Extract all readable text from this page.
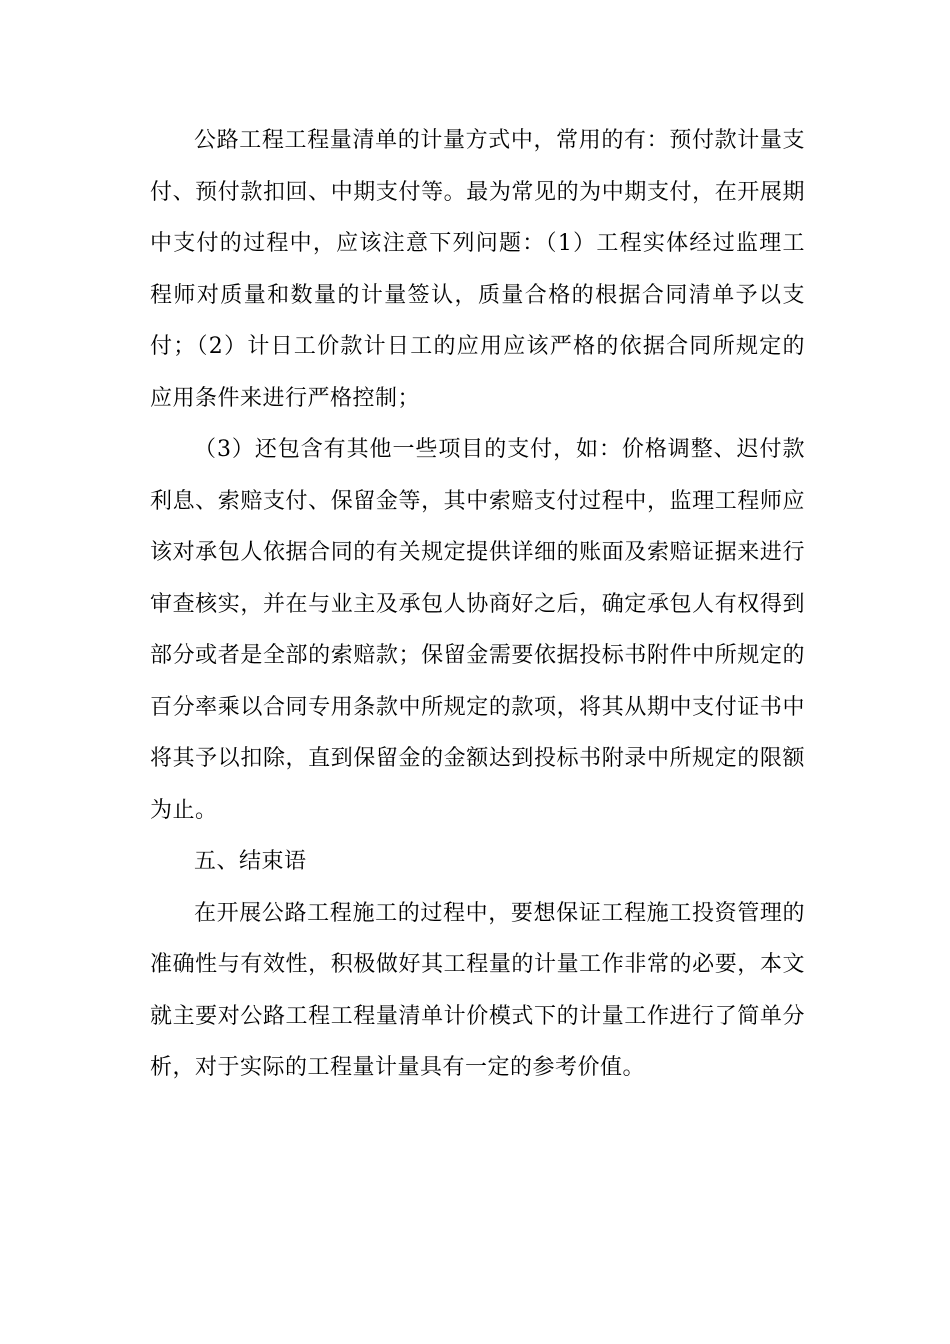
公路工程工程量清单的计量方式中，常用的有：预付款计量支付、预付款扣回、中期支付等。最为常见的为中期支付，在开展期中支付的过程中，应该注意下列问题：（1）工程实体经过监理工程师对质量和数量的计量签认，质量合格的根据合同清单予以支付；（2）计日工价款计日工的应用应该严格的依据合同所规定的应用条件来进行严格控制；

（3）还包含有其他一些项目的支付，如：价格调整、迟付款利息、索赔支付、保留金等，其中索赔支付过程中，监理工程师应该对承包人依据合同的有关规定提供详细的账面及索赔证据来进行审查核实，并在与业主及承包人协商好之后，确定承包人有权得到部分或者是全部的索赔款；保留金需要依据投标书附件中所规定的百分率乘以合同专用条款中所规定的款项，将其从期中支付证书中将其予以扣除，直到保留金的金额达到投标书附录中所规定的限额为止。

五、结束语

在开展公路工程施工的过程中，要想保证工程施工投资管理的准确性与有效性，积极做好其工程量的计量工作非常的必要，本文就主要对公路工程工程量清单计价模式下的计量工作进行了简单分析，对于实际的工程量计量具有一定的参考价值。
